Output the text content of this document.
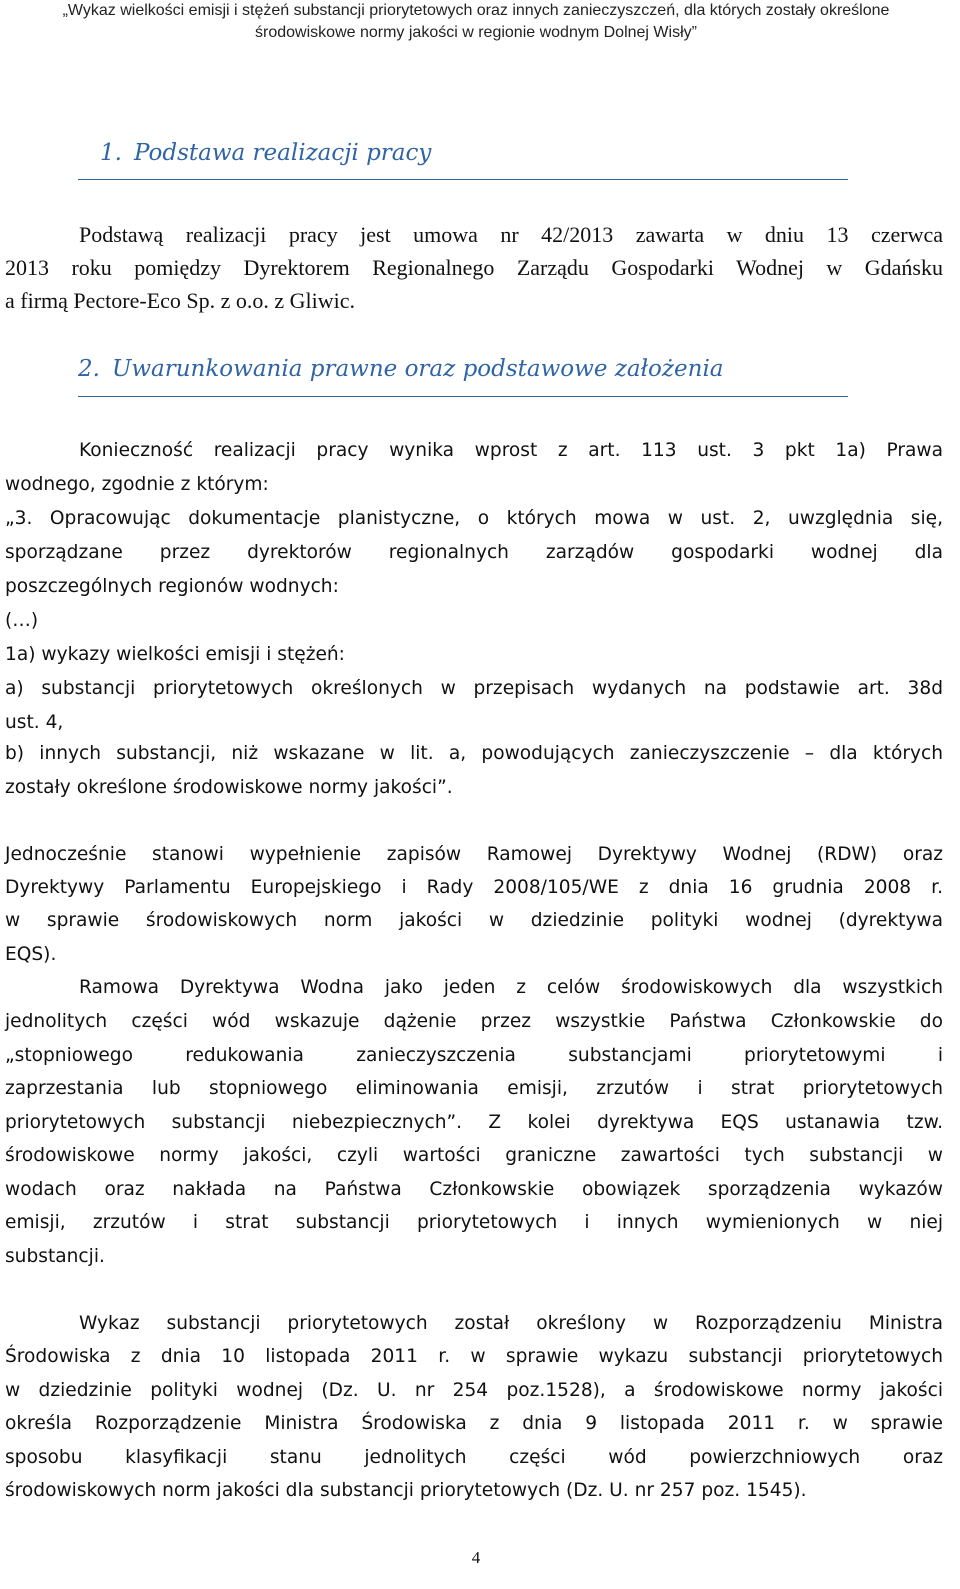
„Wykaz wielkości emisji i stężeń substancji priorytetowych oraz innych zanieczyszczeń, dla których zostały określone
środowiskowe normy jakości w regionie wodnym Dolnej Wisły”
1. Podstawa realizacji pracy
Podstawą realizacji pracy jest umowa nr 42/2013 zawarta w dniu 13 czerwca
2013 roku pomiędzy Dyrektorem Regionalnego Zarządu Gospodarki Wodnej w Gdańsku
a firmą Pectore-Eco Sp. z o.o. z Gliwic.
2. Uwarunkowania prawne oraz podstawowe założenia
Konieczność realizacji pracy wynika wprost z art. 113 ust. 3 pkt 1a) Prawa
wodnego, zgodnie z którym:
„3. Opracowując dokumentacje planistyczne, o których mowa w ust. 2, uwzględnia się,
sporządzane przez dyrektorów regionalnych zarządów gospodarki wodnej dla
poszczególnych regionów wodnych:
(…)
1a) wykazy wielkości emisji i stężeń:
a) substancji priorytetowych określonych w przepisach wydanych na podstawie art. 38d
ust. 4,
b) innych substancji, niż wskazane w lit. a, powodujących zanieczyszczenie – dla których
zostały określone środowiskowe normy jakości”.
Jednocześnie stanowi wypełnienie zapisów Ramowej Dyrektywy Wodnej (RDW) oraz
Dyrektywy Parlamentu Europejskiego i Rady 2008/105/WE z dnia 16 grudnia 2008 r.
w sprawie środowiskowych norm jakości w dziedzinie polityki wodnej (dyrektywa
EQS).
Ramowa Dyrektywa Wodna jako jeden z celów środowiskowych dla wszystkich
jednolitych części wód wskazuje dążenie przez wszystkie Państwa Członkowskie do
„stopniowego redukowania zanieczyszczenia substancjami priorytetowymi i
zaprzestania lub stopniowego eliminowania emisji, zrzutów i strat priorytetowych
priorytetowych substancji niebezpiecznych”. Z kolei dyrektywa EQS ustanawia tzw.
środowiskowe normy jakości, czyli wartości graniczne zawartości tych substancji w
wodach oraz nakłada na Państwa Członkowskie obowiązek sporządzenia wykazów
emisji, zrzutów i strat substancji priorytetowych i innych wymienionych w niej
substancji.
Wykaz substancji priorytetowych został określony w Rozporządzeniu Ministra
Środowiska z dnia 10 listopada 2011 r. w sprawie wykazu substancji priorytetowych
w dziedzinie polityki wodnej (Dz. U. nr 254 poz.1528), a środowiskowe normy jakości
określa Rozporządzenie Ministra Środowiska z dnia 9 listopada 2011 r. w sprawie
sposobu klasyfikacji stanu jednolitych części wód powierzchniowych oraz
środowiskowych norm jakości dla substancji priorytetowych (Dz. U. nr 257 poz. 1545).
4
